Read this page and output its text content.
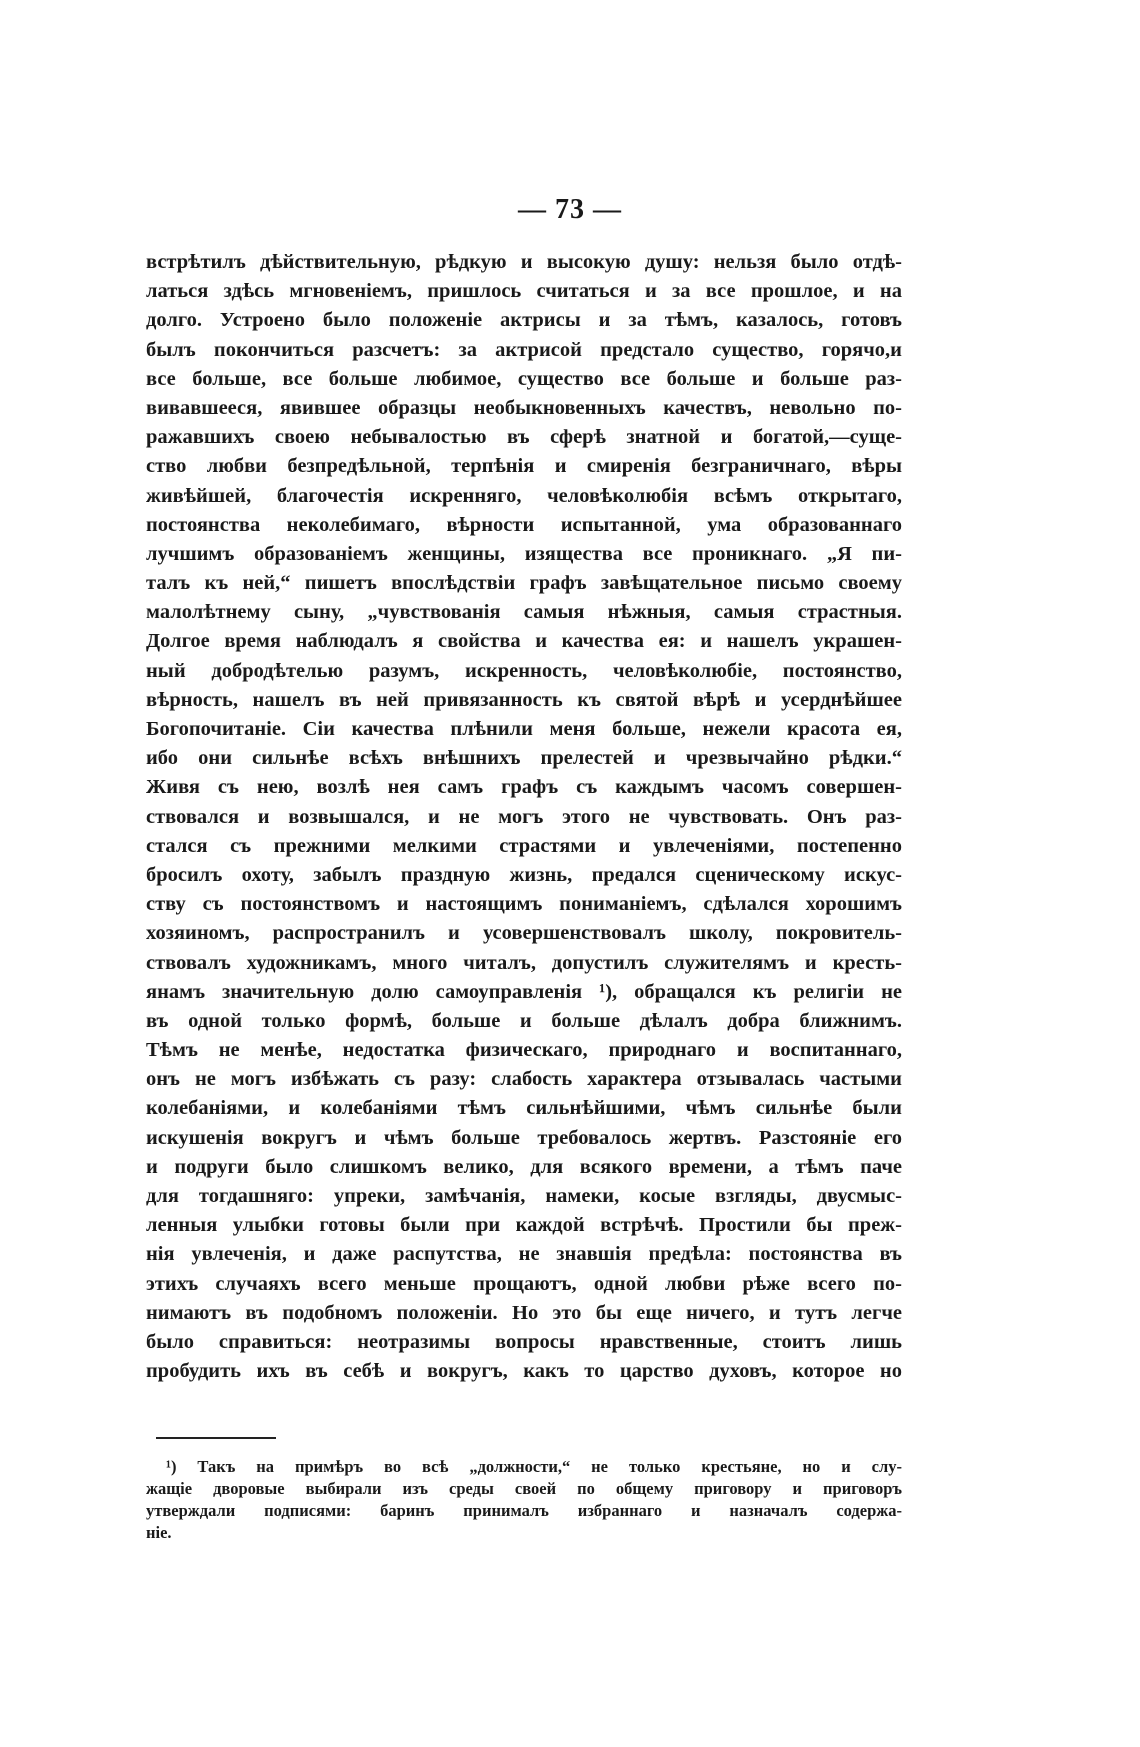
— 73 —
встрѣтилъ дѣйствительную, рѣдкую и высокую душу: нельзя было отдѣ-
латься здѣсь мгновеніемъ, пришлось считаться и за все прошлое, и на
долго. Устроено было положеніе актрисы и за тѣмъ, казалось, готовъ
былъ покончиться разсчетъ: за актрисой предстало существо, горячо,и
все больше, все больше любимое, существо все больше и больше раз-
вивавшееся, явившее образцы необыкновенныхъ качествъ, невольно по-
ражавшихъ своею небывалостью въ сферѣ знатной и богатой,—суще-
ство любви безпредѣльной, терпѣнія и смиренія безграничнаго, вѣры
живѣйшей, благочестія искренняго, человѣколюбія всѣмъ открытаго,
постоянства неколебимаго, вѣрности испытанной, ума образованнаго
лучшимъ образованіемъ женщины, изящества все проникнаго. „Я пи-
талъ къ ней,“ пишетъ впослѣдствіи графъ завѣщательное письмо своему
малолѣтнему сыну, „чувствованія самыя нѣжныя, самыя страстныя.
Долгое время наблюдалъ я свойства и качества ея: и нашелъ украшен-
ный добродѣтелью разумъ, искренность, человѣколюбіе, постоянство,
вѣрность, нашелъ въ ней привязанность къ святой вѣрѣ и усерднѣйшее
Богопочитаніе. Сіи качества плѣнили меня больше, нежели красота ея,
ибо они сильнѣе всѣхъ внѣшнихъ прелестей и чрезвычайно рѣдки.“
Живя съ нею, возлѣ нея самъ графъ съ каждымъ часомъ совершен-
ствовался и возвышался, и не могъ этого не чувствовать. Онъ раз-
стался съ прежними мелкими страстями и увлеченіями, постепенно
бросилъ охоту, забылъ праздную жизнь, предался сценическому искус-
ству съ постоянствомъ и настоящимъ пониманіемъ, сдѣлался хорошимъ
хозяиномъ, распространилъ и усовершенствовалъ школу, покровитель-
ствовалъ художникамъ, много читалъ, допустилъ служителямъ и кресть-
янамъ значительную долю самоуправленія ¹), обращался къ религіи не
въ одной только формѣ, больше и больше дѣлалъ добра ближнимъ.
Тѣмъ не менѣе, недостатка физическаго, природнаго и воспитаннаго,
онъ не могъ избѣжать съ разу: слабость характера отзывалась частыми
колебаніями, и колебаніями тѣмъ сильнѣйшими, чѣмъ сильнѣе были
искушенія вокругъ и чѣмъ больше требовалось жертвъ. Разстояніе его
и подруги было слишкомъ велико, для всякого времени, а тѣмъ паче
для тогдашняго: упреки, замѣчанія, намеки, косые взгляды, двусмыс-
ленныя улыбки готовы были при каждой встрѣчѣ. Простили бы преж-
нія увлеченія, и даже распутства, не знавшія предѣла: постоянства въ
этихъ случаяхъ всего меньше прощаютъ, одной любви рѣже всего по-
нимаютъ въ подобномъ положеніи. Но это бы еще ничего, и тутъ легче
было справиться: неотразимы вопросы нравственные, стоитъ лишь
пробудить ихъ въ себѣ и вокругъ, какъ то царство духовъ, которое но
¹) Такъ на примѣръ во всѣ „должности,“ не только крестьяне, но и слу-
жащіе дворовые выбирали изъ среды своей по общему приговору и приговоръ
утверждали подписями: баринъ принималъ избраннаго и назначалъ содержа-
ніе.
